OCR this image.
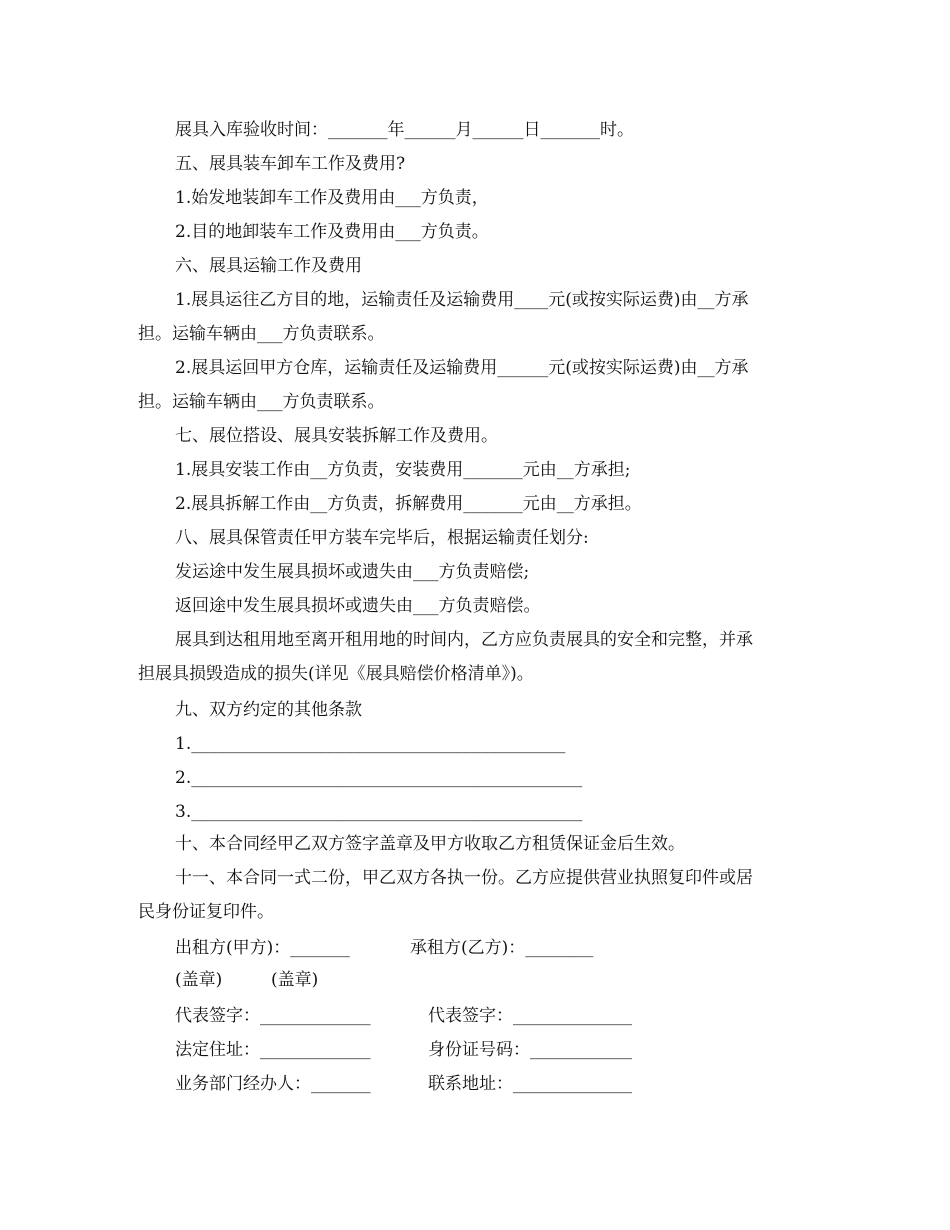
展具入库验收时间：_______年______月______日_______时。
五、展具装车卸车工作及费用?
1.始发地装卸车工作及费用由___方负责，
2.目的地卸装车工作及费用由___方负责。
六、展具运输工作及费用
1.展具运往乙方目的地，运输责任及运输费用____元(或按实际运费)由__方承
担。运输车辆由___方负责联系。
2.展具运回甲方仓库，运输责任及运输费用______元(或按实际运费)由__方承
担。运输车辆由___方负责联系。
七、展位搭设、展具安装拆解工作及费用。
1.展具安装工作由__方负责，安装费用_______元由__方承担;
2.展具拆解工作由__方负责，拆解费用_______元由__方承担。
八、展具保管责任甲方装车完毕后，根据运输责任划分:
发运途中发生展具损坏或遗失由___方负责赔偿;
返回途中发生展具损坏或遗失由___方负责赔偿。
展具到达租用地至离开租用地的时间内，乙方应负责展具的安全和完整，并承
担展具损毁造成的损失(详见《展具赔偿价格清单》)。
九、双方约定的其他条款
1.____________________________________________
2.______________________________________________
3.______________________________________________
十、本合同经甲乙双方签字盖章及甲方收取乙方租赁保证金后生效。
十一、本合同一式二份，甲乙双方各执一份。乙方应提供营业执照复印件或居
民身份证复印件。
出租方(甲方)：_______	承租方(乙方)：________
(盖章)	(盖章)
代表签字：_____________	代表签字：______________
法定住址：_____________	身份证号码：____________
业务部门经办人：_______	联系地址：______________
